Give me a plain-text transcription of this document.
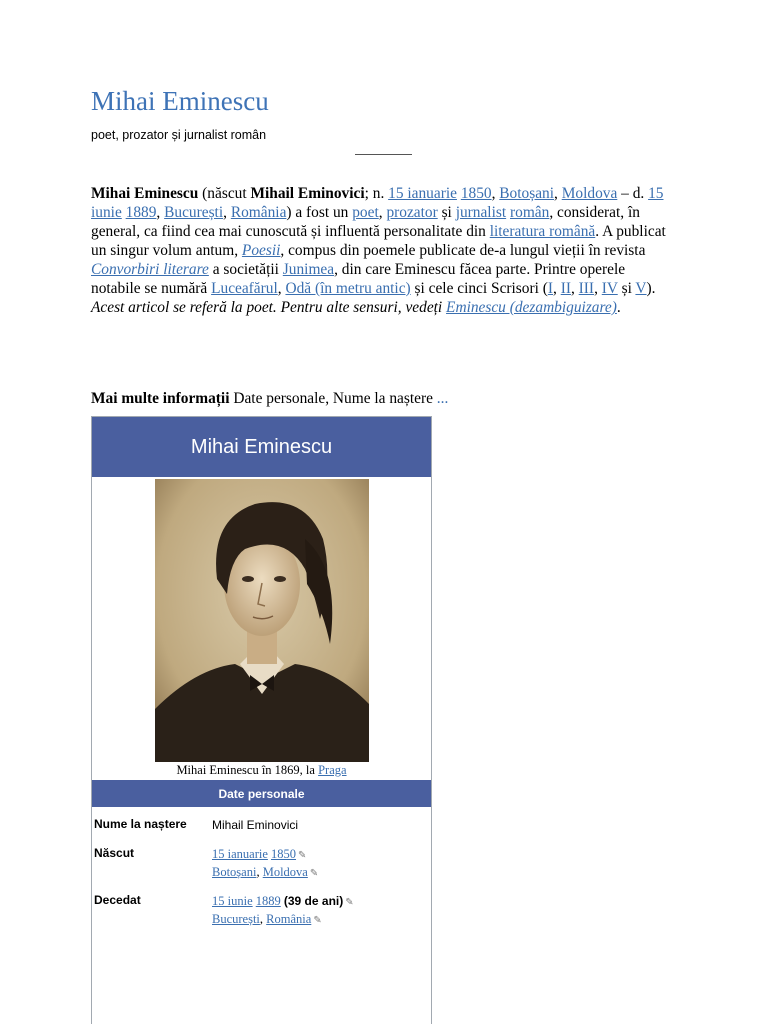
Mihai Eminescu
poet, prozator și jurnalist român

Mihai Eminescu (născut Mihail Eminovici; n. 15 ianuarie 1850, Botoșani, Moldova – d. 15 iunie 1889, București, România) a fost un poet, prozator și jurnalist român, considerat, în general, ca fiind cea mai cunoscută și influentă personalitate din literatura română. A publicat un singur volum antum, Poesii, compus din poemele publicate de-a lungul vieții în revista Convorbiri literare a societății Junimea, din care Eminescu făcea parte. Printre operele notabile se numără Luceafărul, Odă (în metru antic) și cele cinci Scrisori (I, II, III, IV și V).

Acest articol se referă la poet. Pentru alte sensuri, vedeți Eminescu (dezambiguizare).

Mai multe informații Date personale, Nume la naștere ...
Mihai Eminescu
Mihai Eminescu în 1869, la Praga
Date personale
Nume la naștere Mihail Eminovici
Născut	15 ianuarie 1850 ✎
Botoșani, Moldova ✎
Decedat	15 iunie 1889 (39 de ani) ✎
București, România ✎
